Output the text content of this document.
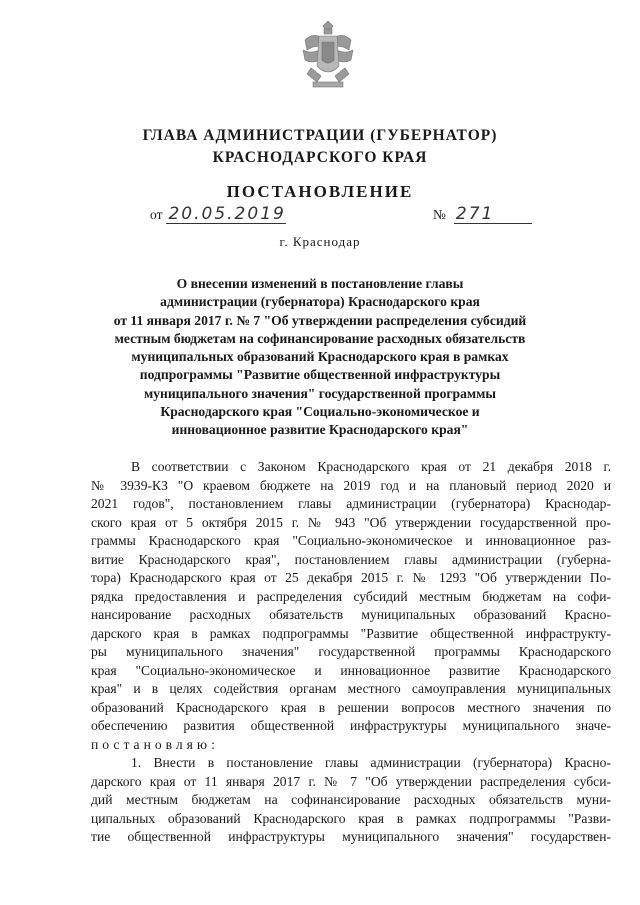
ГЛАВА АДМИНИСТРАЦИИ (ГУБЕРНАТОР)
КРАСНОДАРСКОГО КРАЯ
ПОСТАНОВЛЕНИЕ
от 20.05.2019	№ 271
г. Краснодар
О внесении изменений в постановление главы
администрации (губернатора) Краснодарского края
от 11 января 2017 г. № 7 "Об утверждении распределения субсидий
местным бюджетам на софинансирование расходных обязательств
муниципальных образований Краснодарского края в рамках
подпрограммы "Развитие общественной инфраструктуры
муниципального значения" государственной программы
Краснодарского края "Социально-экономическое и
инновационное развитие Краснодарского края"
В соответствии с Законом Краснодарского края от 21 декабря 2018 г.
№ 3939-КЗ "О краевом бюджете на 2019 год и на плановый период 2020 и
2021 годов", постановлением главы администрации (губернатора) Краснодар-
ского края от 5 октября 2015 г. № 943 "Об утверждении государственной про-
граммы Краснодарского края "Социально-экономическое и инновационное раз-
витие Краснодарского края", постановлением главы администрации (губерна-
тора) Краснодарского края от 25 декабря 2015 г. № 1293 "Об утверждении По-
рядка предоставления и распределения субсидий местным бюджетам на софи-
нансирование расходных обязательств муниципальных образований Красно-
дарского края в рамках подпрограммы "Развитие общественной инфраструкту-
ры муниципального значения" государственной программы Краснодарского
края "Социально-экономическое и инновационное развитие Краснодарского
края" и в целях содействия органам местного самоуправления муниципальных
образований Краснодарского края в решении вопросов местного значения по
обеспечению развития общественной инфраструктуры муниципального значе-
постановляю:
1. Внести в постановление главы администрации (губернатора) Красно-
дарского края от 11 января 2017 г. № 7 "Об утверждении распределения субси-
дий местным бюджетам на софинансирование расходных обязательств муни-
ципальных образований Краснодарского края в рамках подпрограммы "Разви-
тие общественной инфраструктуры муниципального значения" государствен-
